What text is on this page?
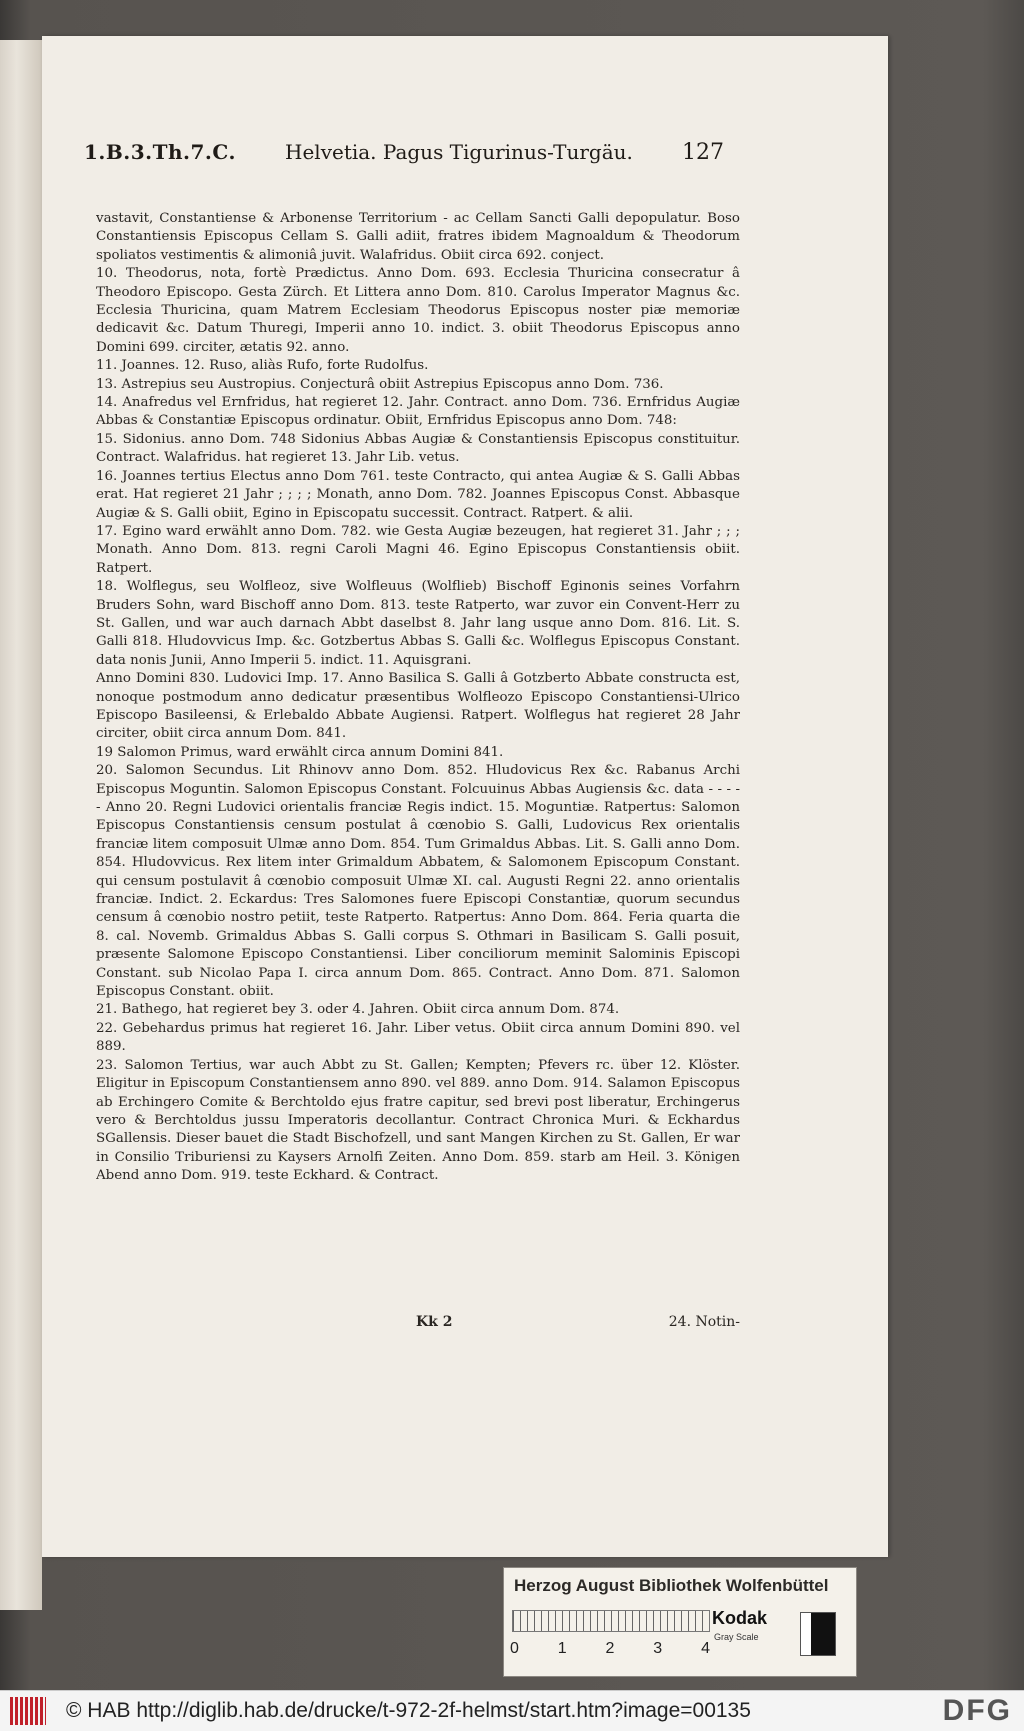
1.B.3.Th.7.C. Helvetia. Pagus Tigurinus-Turgäu. 127

vastavit, Constantiense & Arbonense Territorium - ac Cellam Sancti Galli depopulatur. Boso Constantiensis Episcopus Cellam S. Galli adiit, fratres ibidem Magnoaldum & Theodorum spoliatos vestimentis & alimoniâ juvit. Walafridus. Obiit circa 692. conject.

10. Theodorus, nota, fortè Prædictus. Anno Dom. 693. Ecclesia Thuricina consecratur â Theodoro Episcopo. Gesta Zürch. Et Littera anno Dom. 810. Carolus Imperator Magnus &c. Ecclesia Thuricina, quam Matrem Ecclesiam Theodorus Episcopus noster piæ memoriæ dedicavit &c. Datum Thuregi, Imperii anno 10. indict. 3. obiit Theodorus Episcopus anno Domini 699. circiter, ætatis 92. anno.

11. Joannes. 12. Ruso, aliàs Rufo, forte Rudolfus.

13. Astrepius seu Austropius. Conjecturâ obiit Astrepius Episcopus anno Dom. 736.

14. Anafredus vel Ernfridus, hat regieret 12. Jahr. Contract. anno Dom. 736. Ernfridus Augiæ Abbas & Constantiæ Episcopus ordinatur. Obiit, Ernfridus Episcopus anno Dom. 748:

15. Sidonius. anno Dom. 748 Sidonius Abbas Augiæ & Constantiensis Episcopus constituitur. Contract. Walafridus. hat regieret 13. Jahr Lib. vetus.

16. Joannes tertius Electus anno Dom 761. teste Contracto, qui antea Augiæ & S. Galli Abbas erat. Hat regieret 21 Jahr ; ; ; ; Monath, anno Dom. 782. Joannes Episcopus Const. Abbasque Augiæ & S. Galli obiit, Egino in Episcopatu successit. Contract. Ratpert. & alii.

17. Egino ward erwählt anno Dom. 782. wie Gesta Augiæ bezeugen, hat regieret 31. Jahr ; ; ; Monath. Anno Dom. 813. regni Caroli Magni 46. Egino Episcopus Constantiensis obiit. Ratpert.

18. Wolflegus, seu Wolfleoz, sive Wolfleuus (Wolflieb) Bischoff Eginonis seines Vorfahrn Bruders Sohn, ward Bischoff anno Dom. 813. teste Ratperto, war zuvor ein Convent-Herr zu St. Gallen, und war auch darnach Abbt daselbst 8. Jahr lang usque anno Dom. 816. Lit. S. Galli 818. Hludovvicus Imp. &c. Gotzbertus Abbas S. Galli &c. Wolflegus Episcopus Constant. data nonis Junii, Anno Imperii 5. indict. 11. Aquisgrani.

Anno Domini 830. Ludovici Imp. 17. Anno Basilica S. Galli â Gotzberto Abbate constructa est, nonoque postmodum anno dedicatur præsentibus Wolfleozo Episcopo Constantiensi-Ulrico Episcopo Basileensi, & Erlebaldo Abbate Augiensi. Ratpert. Wolflegus hat regieret 28 Jahr circiter, obiit circa annum Dom. 841.

19 Salomon Primus, ward erwählt circa annum Domini 841.

20. Salomon Secundus. Lit Rhinovv anno Dom. 852. Hludovicus Rex &c. Rabanus Archi Episcopus Moguntin. Salomon Episcopus Constant. Folcuuinus Abbas Augiensis &c. data - - - - - Anno 20. Regni Ludovici orientalis franciæ Regis indict. 15. Moguntiæ. Ratpertus: Salomon Episcopus Constantiensis censum postulat â cœnobio S. Galli, Ludovicus Rex orientalis franciæ litem composuit Ulmæ anno Dom. 854. Tum Grimaldus Abbas. Lit. S. Galli anno Dom. 854. Hludovvicus. Rex litem inter Grimaldum Abbatem, & Salomonem Episcopum Constant. qui censum postulavit â cœnobio composuit Ulmæ XI. cal. Augusti Regni 22. anno orientalis franciæ. Indict. 2. Eckardus: Tres Salomones fuere Episcopi Constantiæ, quorum secundus censum â cœnobio nostro petiit, teste Ratperto. Ratpertus: Anno Dom. 864. Feria quarta die 8. cal. Novemb. Grimaldus Abbas S. Galli corpus S. Othmari in Basilicam S. Galli posuit, præsente Salomone Episcopo Constantiensi. Liber conciliorum meminit Salominis Episcopi Constant. sub Nicolao Papa I. circa annum Dom. 865. Contract. Anno Dom. 871. Salomon Episcopus Constant. obiit.

21. Bathego, hat regieret bey 3. oder 4. Jahren. Obiit circa annum Dom. 874.

22. Gebehardus primus hat regieret 16. Jahr. Liber vetus. Obiit circa annum Domini 890. vel 889.

23. Salomon Tertius, war auch Abbt zu St. Gallen; Kempten; Pfevers rc. über 12. Klöster. Eligitur in Episcopum Constantiensem anno 890. vel 889. anno Dom. 914. Salamon Episcopus ab Erchingero Comite & Berchtoldo ejus fratre capitur, sed brevi post liberatur, Erchingerus vero & Berchtoldus jussu Imperatoris decollantur. Contract Chronica Muri. & Eckhardus SGallensis. Dieser bauet die Stadt Bischofzell, und sant Mangen Kirchen zu St. Gallen, Er war in Consilio Triburiensi zu Kaysers Arnolfi Zeiten. Anno Dom. 859. starb am Heil. 3. Königen Abend anno Dom. 919. teste Eckhard. & Contract.

Kk 2	24. Notin-
Herzog August Bibliothek Wolfenbüttel
0 1 2 3 4
Kodak
Gray Scale
© HAB http://diglib.hab.de/drucke/t-972-2f-helmst/start.htm?image=00135	DFG
